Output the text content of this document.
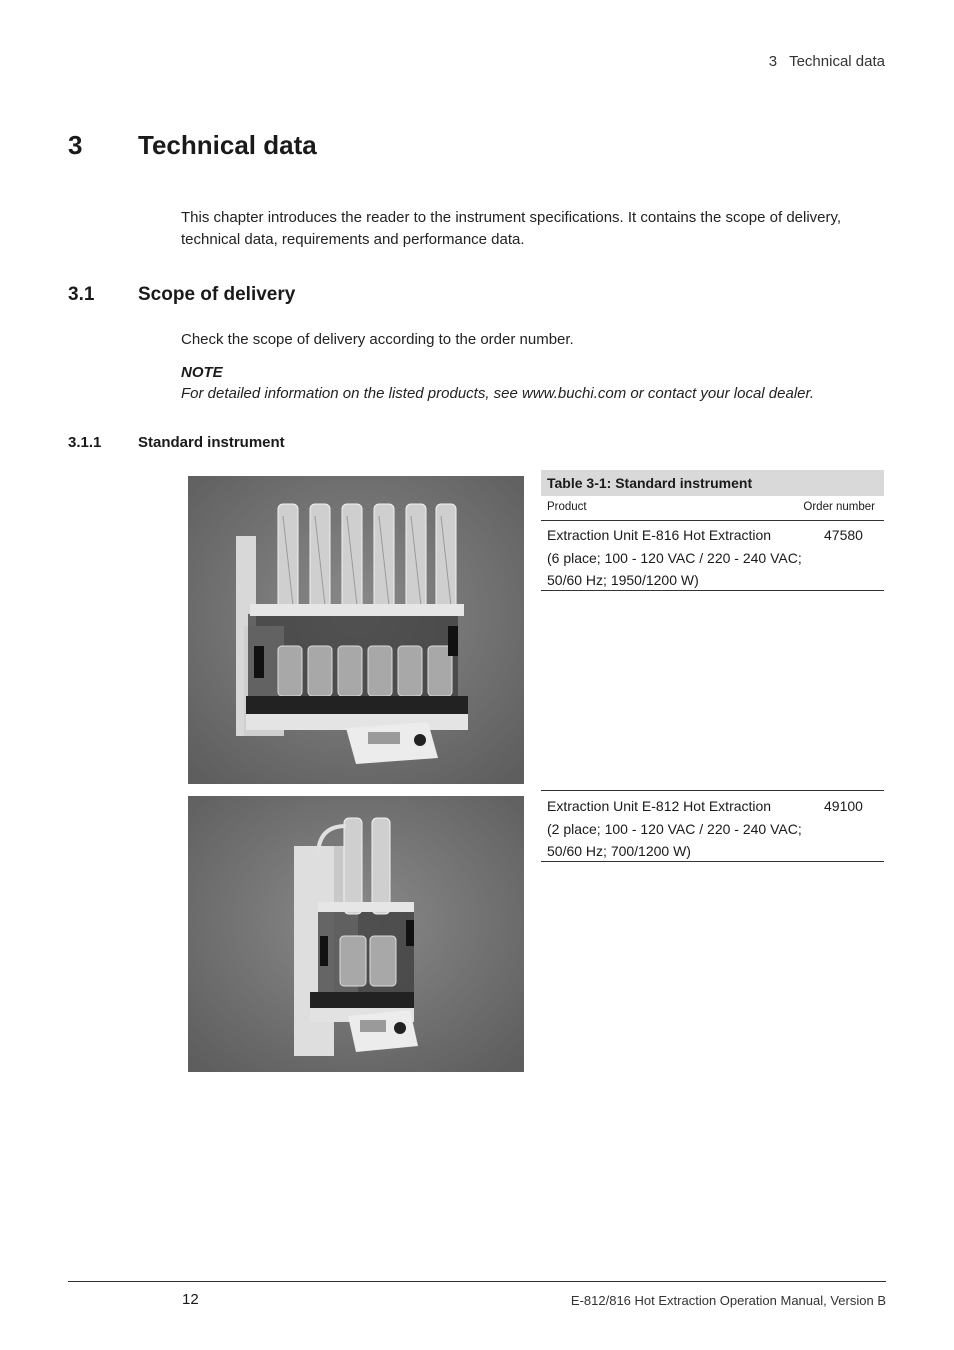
3 Technical data
3 Technical data
This chapter introduces the reader to the instrument specifications. It contains the scope of delivery, technical data, requirements and performance data.
3.1 Scope of delivery
Check the scope of delivery according to the order number.
NOTE
For detailed information on the listed products, see www.buchi.com or contact your local dealer.
3.1.1 Standard instrument
Table 3-1: Standard instrument
Product	Order number
Extraction Unit E-816 Hot Extraction
(6 place; 100 - 120 VAC / 220 - 240 VAC;
50/60 Hz; 1950/1200 W)
47580
Extraction Unit E-812 Hot Extraction
(2 place; 100 - 120 VAC / 220 - 240 VAC;
50/60 Hz; 700/1200 W)
49100
12	E-812/816 Hot Extraction Operation Manual, Version B
